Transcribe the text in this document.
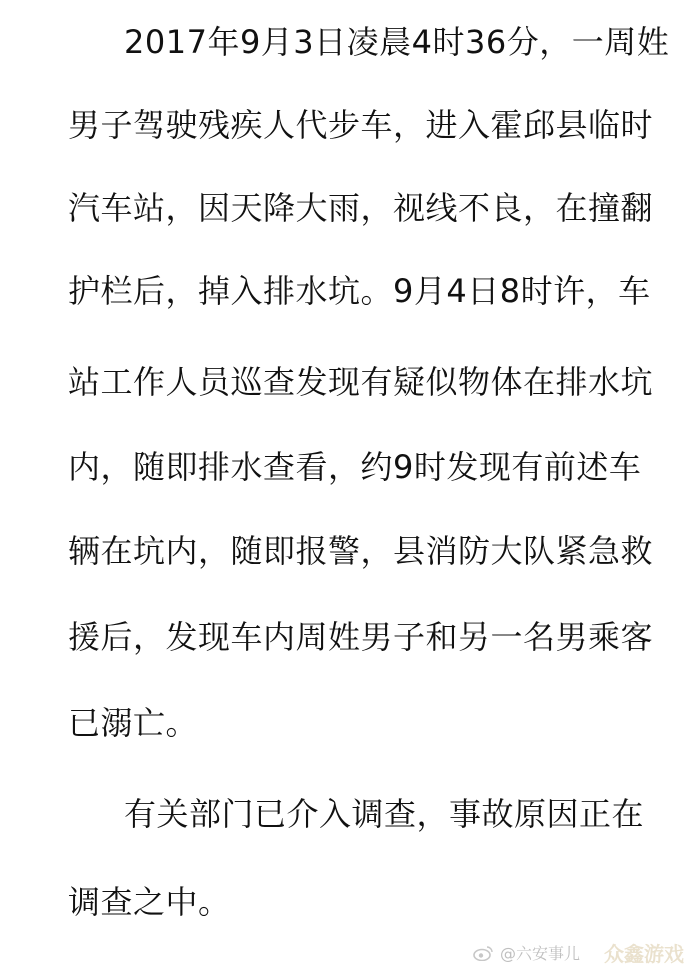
2017年9月3日凌晨4时36分，一周姓
男子驾驶残疾人代步车，进入霍邱县临时
汽车站，因天降大雨，视线不良，在撞翻
护栏后，掉入排水坑。9月4日8时许，车
站工作人员巡查发现有疑似物体在排水坑
内，随即排水查看，约9时发现有前述车
辆在坑内，随即报警，县消防大队紧急救
援后，发现车内周姓男子和另一名男乘客
已溺亡。
有关部门已介入调查，事故原因正在
调查之中。
@六安事儿 众鑫游戏
